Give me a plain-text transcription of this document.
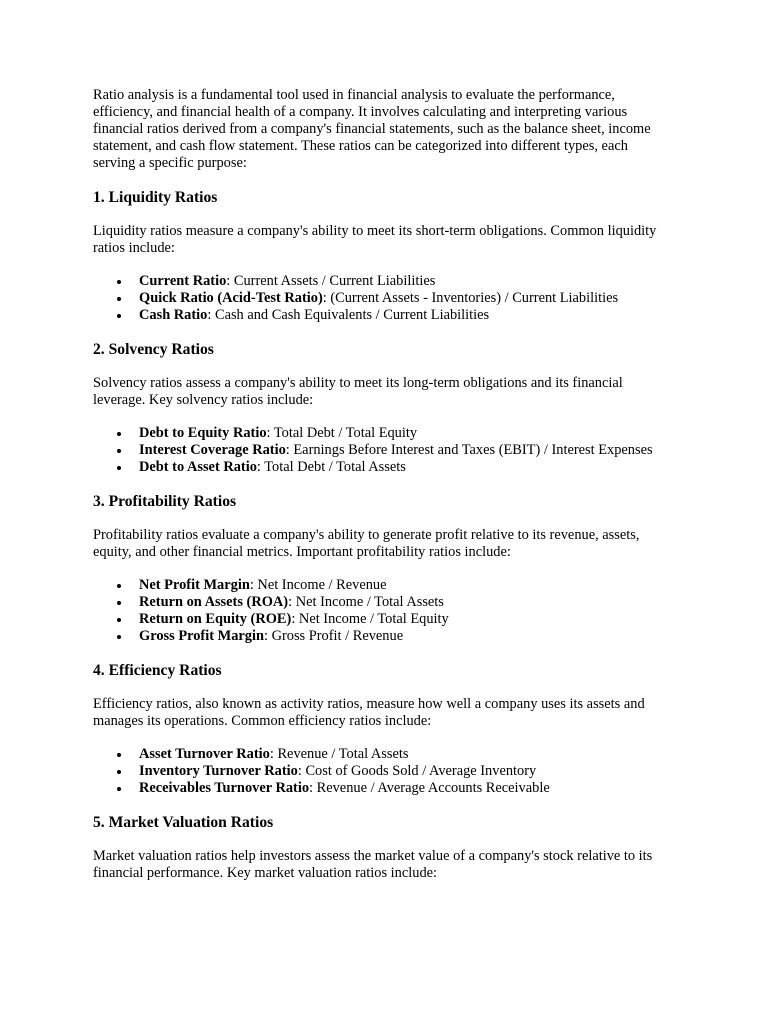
Ratio analysis is a fundamental tool used in financial analysis to evaluate the performance, efficiency, and financial health of a company. It involves calculating and interpreting various financial ratios derived from a company's financial statements, such as the balance sheet, income statement, and cash flow statement. These ratios can be categorized into different types, each serving a specific purpose:

1. Liquidity Ratios

Liquidity ratios measure a company's ability to meet its short-term obligations. Common liquidity ratios include:

Current Ratio: Current Assets / Current Liabilities
Quick Ratio (Acid-Test Ratio): (Current Assets - Inventories) / Current Liabilities
Cash Ratio: Cash and Cash Equivalents / Current Liabilities
2. Solvency Ratios

Solvency ratios assess a company's ability to meet its long-term obligations and its financial leverage. Key solvency ratios include:

Debt to Equity Ratio: Total Debt / Total Equity
Interest Coverage Ratio: Earnings Before Interest and Taxes (EBIT) / Interest Expenses
Debt to Asset Ratio: Total Debt / Total Assets
3. Profitability Ratios

Profitability ratios evaluate a company's ability to generate profit relative to its revenue, assets, equity, and other financial metrics. Important profitability ratios include:

Net Profit Margin: Net Income / Revenue
Return on Assets (ROA): Net Income / Total Assets
Return on Equity (ROE): Net Income / Total Equity
Gross Profit Margin: Gross Profit / Revenue
4. Efficiency Ratios

Efficiency ratios, also known as activity ratios, measure how well a company uses its assets and manages its operations. Common efficiency ratios include:

Asset Turnover Ratio: Revenue / Total Assets
Inventory Turnover Ratio: Cost of Goods Sold / Average Inventory
Receivables Turnover Ratio: Revenue / Average Accounts Receivable
5. Market Valuation Ratios

Market valuation ratios help investors assess the market value of a company's stock relative to its financial performance. Key market valuation ratios include:
